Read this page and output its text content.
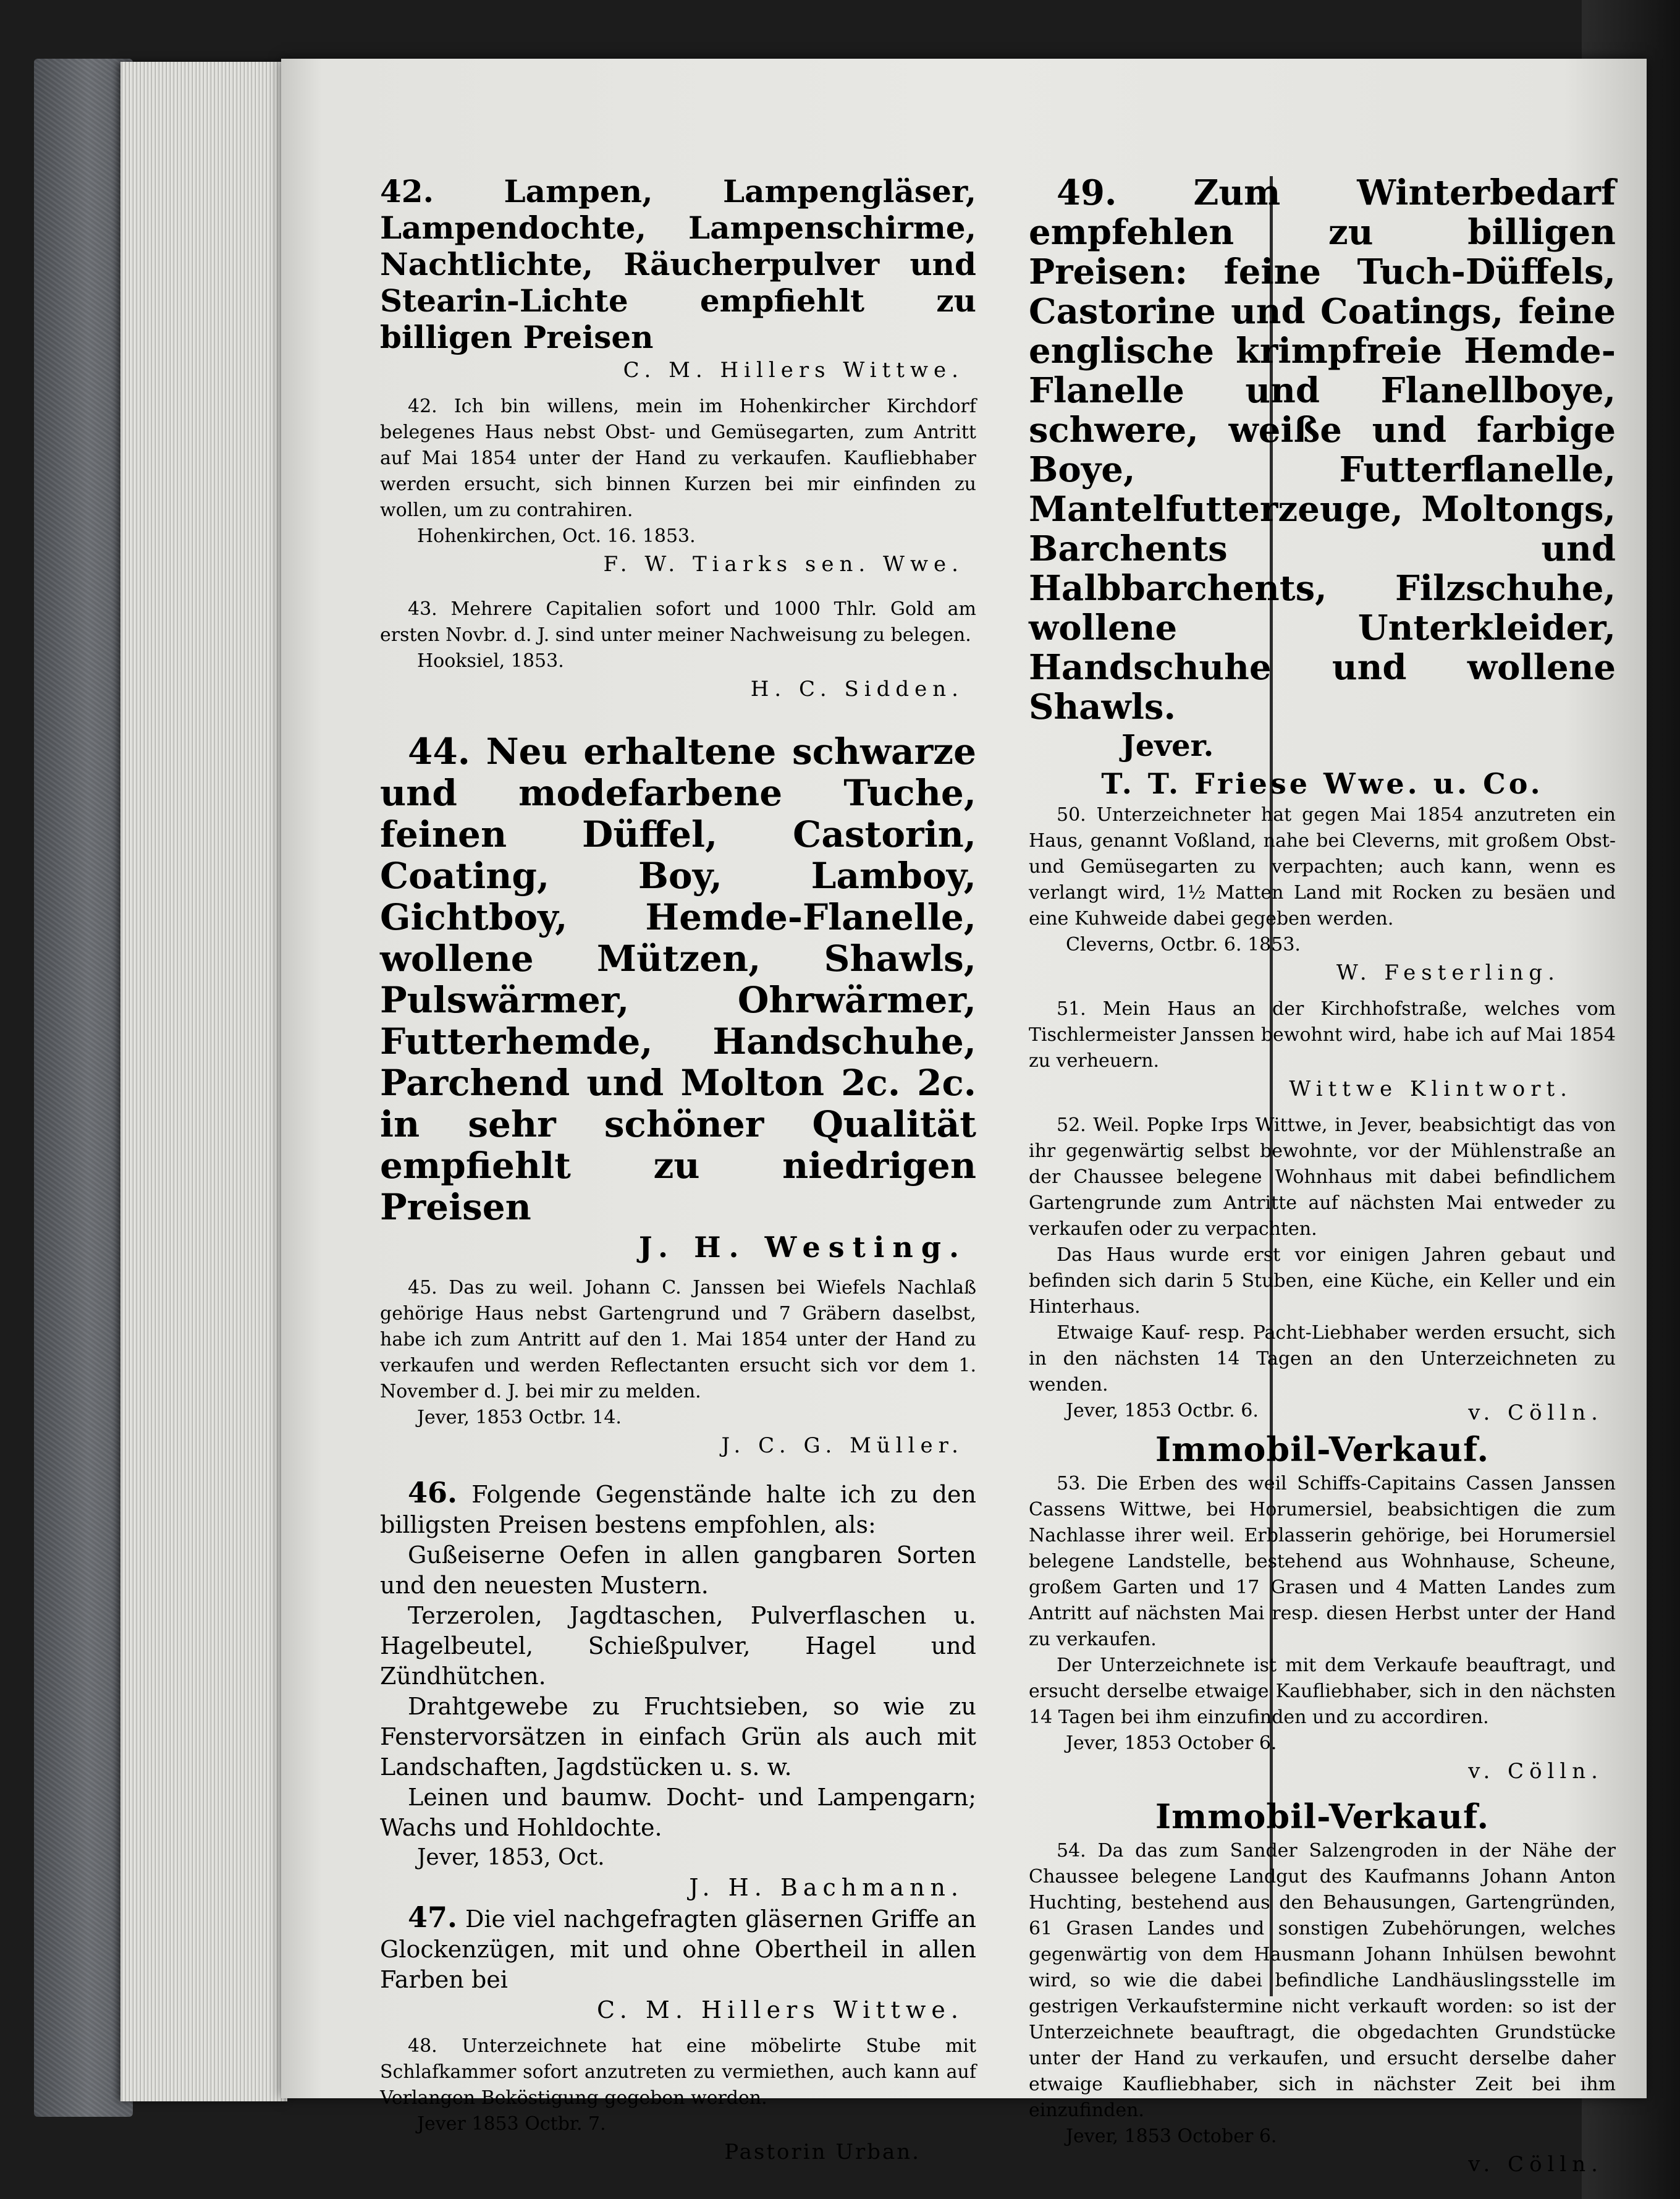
42. Lampen, Lampengläser, Lampendochte, Lampenschirme, Nachtlichte, Räucherpulver und Stearin-Lichte empfiehlt zu billigen Preisen

C. M. Hillers Wittwe.

42. Ich bin willens, mein im Hohenkircher Kirchdorf belegenes Haus nebst Obst- und Gemüsegarten, zum Antritt auf Mai 1854 unter der Hand zu verkaufen. Kaufliebhaber werden ersucht, sich binnen Kurzen bei mir einfinden zu wollen, um zu contrahiren.

Hohenkirchen, Oct. 16. 1853.
F. W. Tiarks sen. Wwe.

43. Mehrere Capitalien sofort und 1000 Thlr. Gold am ersten Novbr. d. J. sind unter meiner Nachweisung zu belegen.

Hooksiel, 1853.
H. C. Sidden.

44. Neu erhaltene schwarze und modefarbene Tuche, feinen Düffel, Castorin, Coating, Boy, Lamboy, Gichtboy, Hemde-Flanelle, wollene Mützen, Shawls, Pulswärmer, Ohrwärmer, Futterhemde, Handschuhe, Parchend und Molton 2c. 2c. in sehr schöner Qualität empfiehlt zu niedrigen Preisen

J. H. Westing.

45. Das zu weil. Johann C. Janssen bei Wiefels Nachlaß gehörige Haus nebst Gartengrund und 7 Gräbern daselbst, habe ich zum Antritt auf den 1. Mai 1854 unter der Hand zu verkaufen und werden Reflectanten ersucht sich vor dem 1. November d. J. bei mir zu melden.

Jever, 1853 Octbr. 14.
J. C. G. Müller.

46. Folgende Gegenstände halte ich zu den billigsten Preisen bestens empfohlen, als:

Gußeiserne Oefen in allen gangbaren Sorten und den neuesten Mustern.

Terzerolen, Jagdtaschen, Pulverflaschen u. Hagelbeutel, Schießpulver, Hagel und Zündhütchen.

Drahtgewebe zu Fruchtsieben, so wie zu Fenstervorsätzen in einfach Grün als auch mit Landschaften, Jagdstücken u. s. w.

Leinen und baumw. Docht- und Lampengarn; Wachs und Hohldochte.

Jever, 1853, Oct.
J. H. Bachmann.

47. Die viel nachgefragten gläsernen Griffe an Glockenzügen, mit und ohne Obertheil in allen Farben bei

C. M. Hillers Wittwe.

48. Unterzeichnete hat eine möbelirte Stube mit Schlafkammer sofort anzutreten zu vermiethen, auch kann auf Verlangen Beköstigung gegeben werden.

Jever 1853 Octbr. 7.
Pastorin Urban.

49. Zum Winterbedarf empfehlen zu billigen Preisen: feine Tuch-Düffels, Castorine und Coatings, feine englische krimpfreie Hemde-Flanelle und Flanellboye, schwere, weiße und farbige Boye, Futterflanelle, Mantelfutterzeuge, Moltongs, Barchents und Halbbarchents, Filzschuhe, wollene Unterkleider, Handschuhe und wollene Shawls.

Jever.
T. T. Friese Wwe. u. Co.

50. Unterzeichneter hat gegen Mai 1854 anzutreten ein Haus, genannt Voßland, nahe bei Cleverns, mit großem Obst- und Gemüsegarten zu verpachten; auch kann, wenn es verlangt wird, 1½ Matten Land mit Rocken zu besäen und eine Kuhweide dabei gegeben werden.

Cleverns, Octbr. 6. 1853.
W. Festerling.

51. Mein Haus an der Kirchhofstraße, welches vom Tischlermeister Janssen bewohnt wird, habe ich auf Mai 1854 zu verheuern.

Wittwe Klintwort.

52. Weil. Popke Irps Wittwe, in Jever, beabsichtigt das von ihr gegenwärtig selbst bewohnte, vor der Mühlenstraße an der Chaussee belegene Wohnhaus mit dabei befindlichem Gartengrunde zum Antritte auf nächsten Mai entweder zu verkaufen oder zu verpachten.

Das Haus wurde erst vor einigen Jahren gebaut und befinden sich darin 5 Stuben, eine Küche, ein Keller und ein Hinterhaus.

Etwaige Kauf- resp. Pacht-Liebhaber werden ersucht, sich in den nächsten 14 Tagen an den Unterzeichneten zu wenden.

Jever, 1853 Octbr. 6.	v. Cölln.
Immobil-Verkauf.

53. Die Erben des weil Schiffs-Capitains Cassen Janssen Cassens Wittwe, bei Horumersiel, beabsichtigen die zum Nachlasse ihrer weil. Erblasserin gehörige, bei Horumersiel belegene Landstelle, bestehend aus Wohnhause, Scheune, großem Garten und 17 Grasen und 4 Matten Landes zum Antritt auf nächsten Mai resp. diesen Herbst unter der Hand zu verkaufen.

Der Unterzeichnete ist mit dem Verkaufe beauftragt, und ersucht derselbe etwaige Kaufliebhaber, sich in den nächsten 14 Tagen bei ihm einzufinden und zu accordiren.

Jever, 1853 October 6.
v. Cölln.
Immobil-Verkauf.

54. Da das zum Sander Salzengroden in der Nähe der Chaussee belegene Landgut des Kaufmanns Johann Anton Huchting, bestehend aus den Behausungen, Gartengründen, 61 Grasen Landes und sonstigen Zubehörungen, welches gegenwärtig von dem Hausmann Johann Inhülsen bewohnt wird, so wie die dabei befindliche Landhäuslingsstelle im gestrigen Verkaufstermine nicht verkauft worden: so ist der Unterzeichnete beauftragt, die obgedachten Grundstücke unter der Hand zu verkaufen, und ersucht derselbe daher etwaige Kaufliebhaber, sich in nächster Zeit bei ihm einzufinden.

Jever, 1853 October 6.
v. Cölln.
